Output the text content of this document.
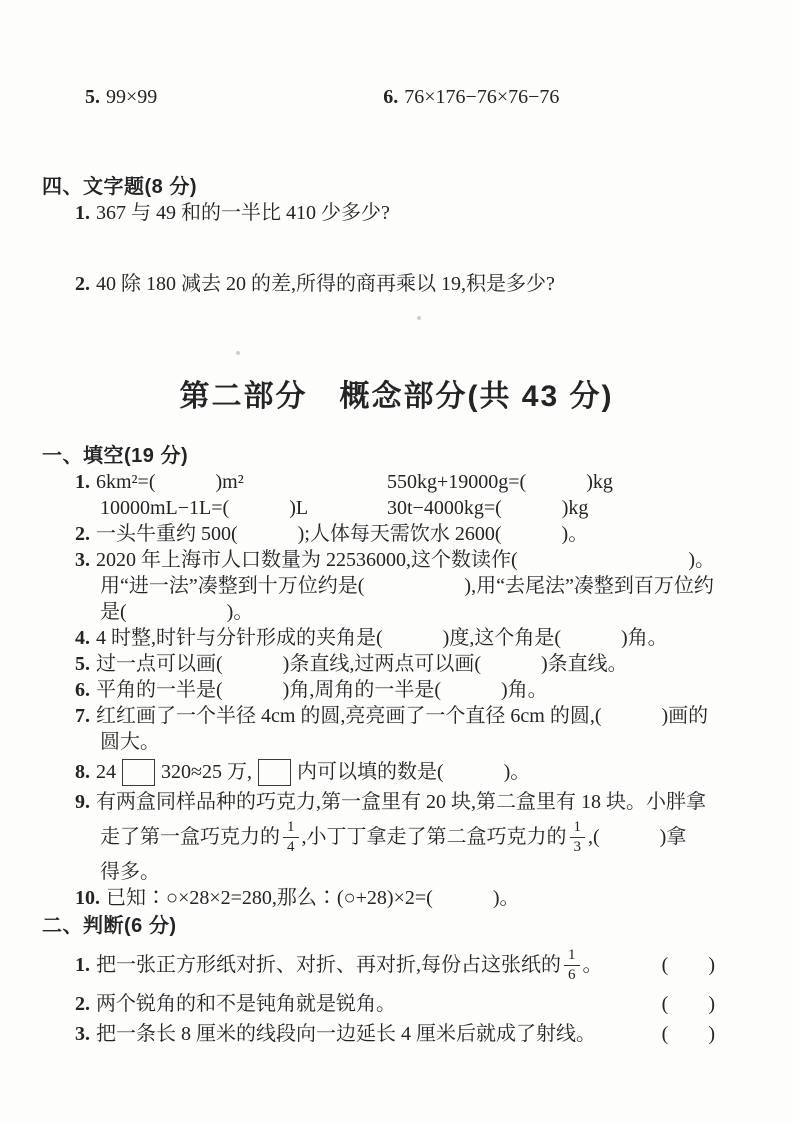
5. 99×99	6. 76×176−76×76−76
四、文字题(8 分)
1. 367 与 49 和的一半比 410 少多少?
2. 40 除 180 减去 20 的差,所得的商再乘以 19,积是多少?
第二部分　概念部分(共 43 分)
一、填空(19 分)
1. 6km²=(　　　)m²	550kg+19000g=(　　　)kg
10000mL−1L=(　　　)L	30t−4000kg=(　　　)kg
2. 一头牛重约 500(　　　);人体每天需饮水 2600(　　　)。
3. 2020 年上海市人口数量为 22536000,这个数读作(	)。
用“进一法”凑整到十万位约是(　　　　　),用“去尾法”凑整到百万位约
是(　　　　　)。
4. 4 时整,时针与分针形成的夹角是(　　　)度,这个角是(　　　)角。
5. 过一点可以画(　　　)条直线,过两点可以画(　　　)条直线。
6. 平角的一半是(　　　)角,周角的一半是(　　　)角。
7. 红红画了一个半径 4cm 的圆,亮亮画了一个直径 6cm 的圆,(　　　)画的
圆大。
8. 24 320≈25 万, 内可以填的数是(　　　)。
9. 有两盒同样品种的巧克力,第一盒里有 20 块,第二盒里有 18 块。小胖拿
走了第一盒巧克力的 $\frac{1}{4}$ ,小丁丁拿走了第二盒巧克力的 $\frac{1}{3}$ ,(　　　)拿
得多。
10. 已知∶○×28×2=280,那么∶(○+28)×2=(　　　)。
二、判断(6 分)
1. 把一张正方形纸对折、对折、再对折,每份占这张纸的 $\frac{1}{6}$ 。	(　　)
2. 两个锐角的和不是钝角就是锐角。	(　　)
3. 把一条长 8 厘米的线段向一边延长 4 厘米后就成了射线。	(　　)
